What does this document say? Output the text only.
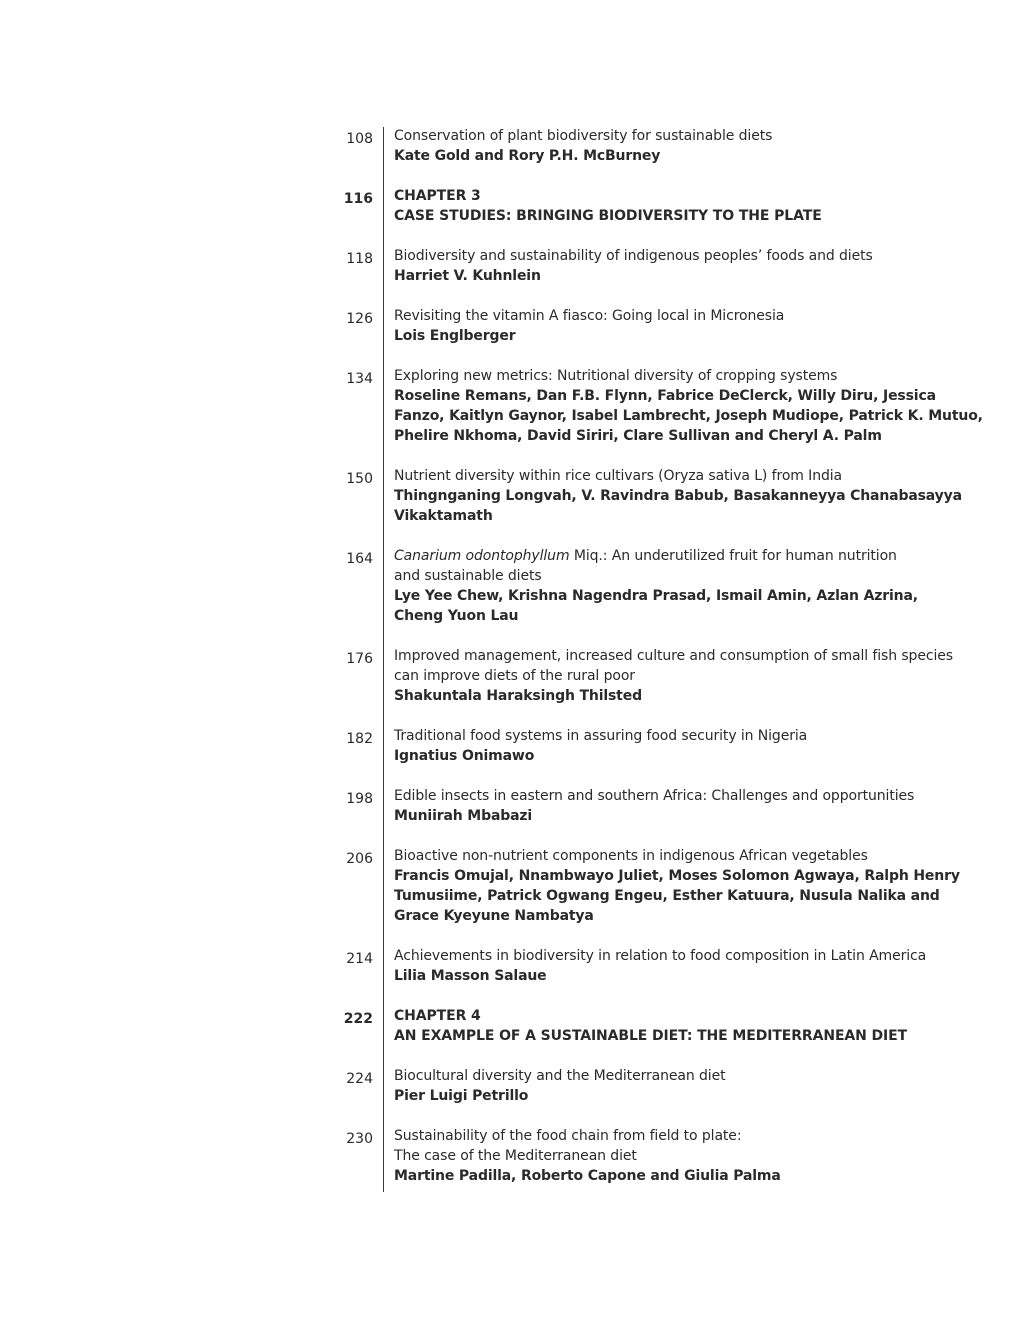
108 Conservation of plant biodiversity for sustainable diets
Kate Gold and Rory P.H. McBurney
116 CHAPTER 3
CASE STUDIES: BRINGING BIODIVERSITY TO THE PLATE
118 Biodiversity and sustainability of indigenous peoples’ foods and diets
Harriet V. Kuhnlein
126 Revisiting the vitamin A fiasco: Going local in Micronesia
Lois Englberger
134 Exploring new metrics: Nutritional diversity of cropping systems
Roseline Remans, Dan F.B. Flynn, Fabrice DeClerck, Willy Diru, Jessica
Fanzo, Kaitlyn Gaynor, Isabel Lambrecht, Joseph Mudiope, Patrick K. Mutuo,
Phelire Nkhoma, David Siriri, Clare Sullivan and Cheryl A. Palm
150 Nutrient diversity within rice cultivars (Oryza sativa L) from India
Thingnganing Longvah, V. Ravindra Babub, Basakanneyya Chanabasayya
Vikaktamath
164 Canarium odontophyllum Miq.: An underutilized fruit for human nutrition
and sustainable diets
Lye Yee Chew, Krishna Nagendra Prasad, Ismail Amin, Azlan Azrina,
Cheng Yuon Lau
176 Improved management, increased culture and consumption of small fish species
can improve diets of the rural poor
Shakuntala Haraksingh Thilsted
182 Traditional food systems in assuring food security in Nigeria
Ignatius Onimawo
198 Edible insects in eastern and southern Africa: Challenges and opportunities
Muniirah Mbabazi
206 Bioactive non-nutrient components in indigenous African vegetables
Francis Omujal, Nnambwayo Juliet, Moses Solomon Agwaya, Ralph Henry
Tumusiime, Patrick Ogwang Engeu, Esther Katuura, Nusula Nalika and
Grace Kyeyune Nambatya
214 Achievements in biodiversity in relation to food composition in Latin America
Lilia Masson Salaue
222 CHAPTER 4
AN EXAMPLE OF A SUSTAINABLE DIET: THE MEDITERRANEAN DIET
224 Biocultural diversity and the Mediterranean diet
Pier Luigi Petrillo
230 Sustainability of the food chain from field to plate:
The case of the Mediterranean diet
Martine Padilla, Roberto Capone and Giulia Palma
